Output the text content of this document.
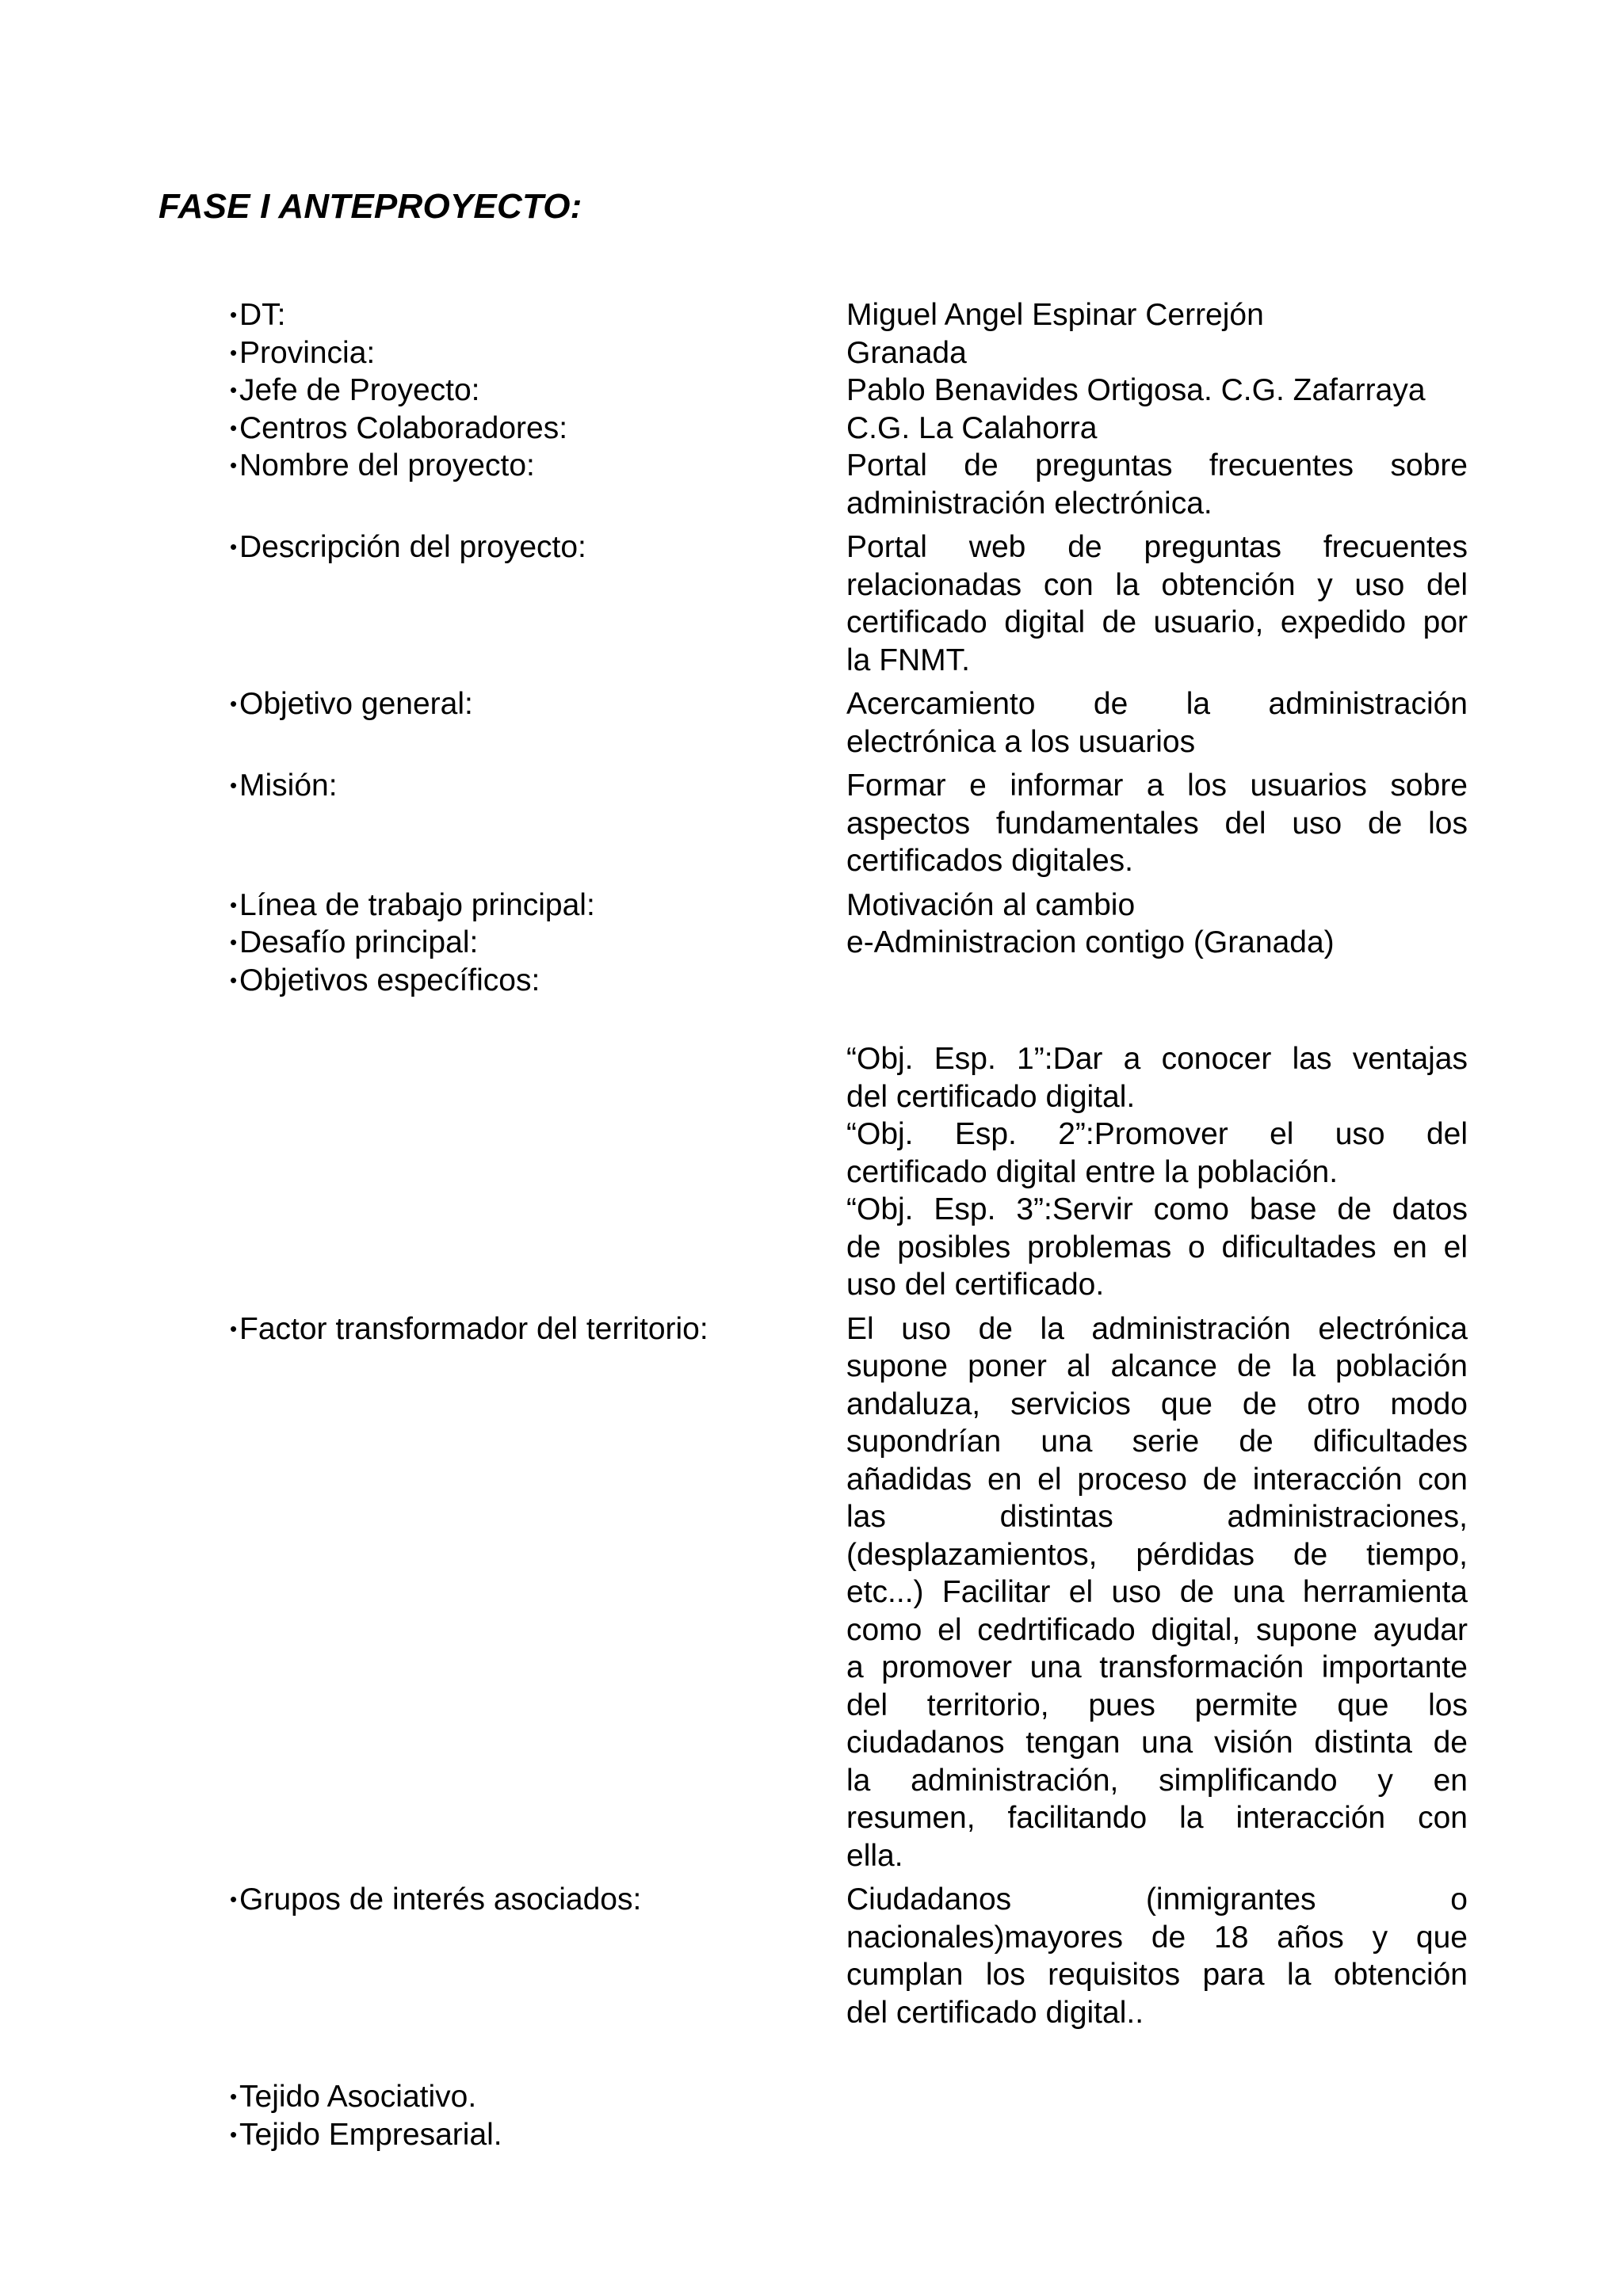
FASE I ANTEPROYECTO:
•DT:	Miguel Angel Espinar Cerrejón
•Provincia:	Granada
•Jefe de Proyecto:	Pablo Benavides Ortigosa. C.G. Zafarraya
•Centros Colaboradores:	C.G. La Calahorra
•Nombre del proyecto:	Portal de preguntas frecuentes sobre
administración electrónica.
•Descripción del proyecto:	Portal web de preguntas frecuentes
relacionadas con la obtención y uso del
certificado digital de usuario, expedido por
la FNMT.
•Objetivo general:	Acercamiento de la administración
electrónica a los usuarios
•Misión:	Formar e informar a los usuarios sobre
aspectos fundamentales del uso de los
certificados digitales.
•Línea de trabajo principal:	Motivación al cambio
•Desafío principal:	e-Administracion contigo (Granada)
•Objetivos específicos:
“Obj. Esp. 1”:Dar a conocer las ventajas
del certificado digital.
“Obj. Esp. 2”:Promover el uso del
certificado digital entre la población.
“Obj. Esp. 3”:Servir como base de datos
de posibles problemas o dificultades en el
uso del certificado.
•Factor transformador del territorio:	El uso de la administración electrónica
supone poner al alcance de la población
andaluza, servicios que de otro modo
supondrían una serie de dificultades
añadidas en el proceso de interacción con
las distintas administraciones,
(desplazamientos, pérdidas de tiempo,
etc...) Facilitar el uso de una herramienta
como el cedrtificado digital, supone ayudar
a promover una transformación importante
del territorio, pues permite que los
ciudadanos tengan una visión distinta de
la administración, simplificando y en
resumen, facilitando la interacción con
ella.
•Grupos de interés asociados:	Ciudadanos (inmigrantes o
nacionales)mayores de 18 años y que
cumplan los requisitos para la obtención
del certificado digital..
•Tejido Asociativo.
•Tejido Empresarial.
